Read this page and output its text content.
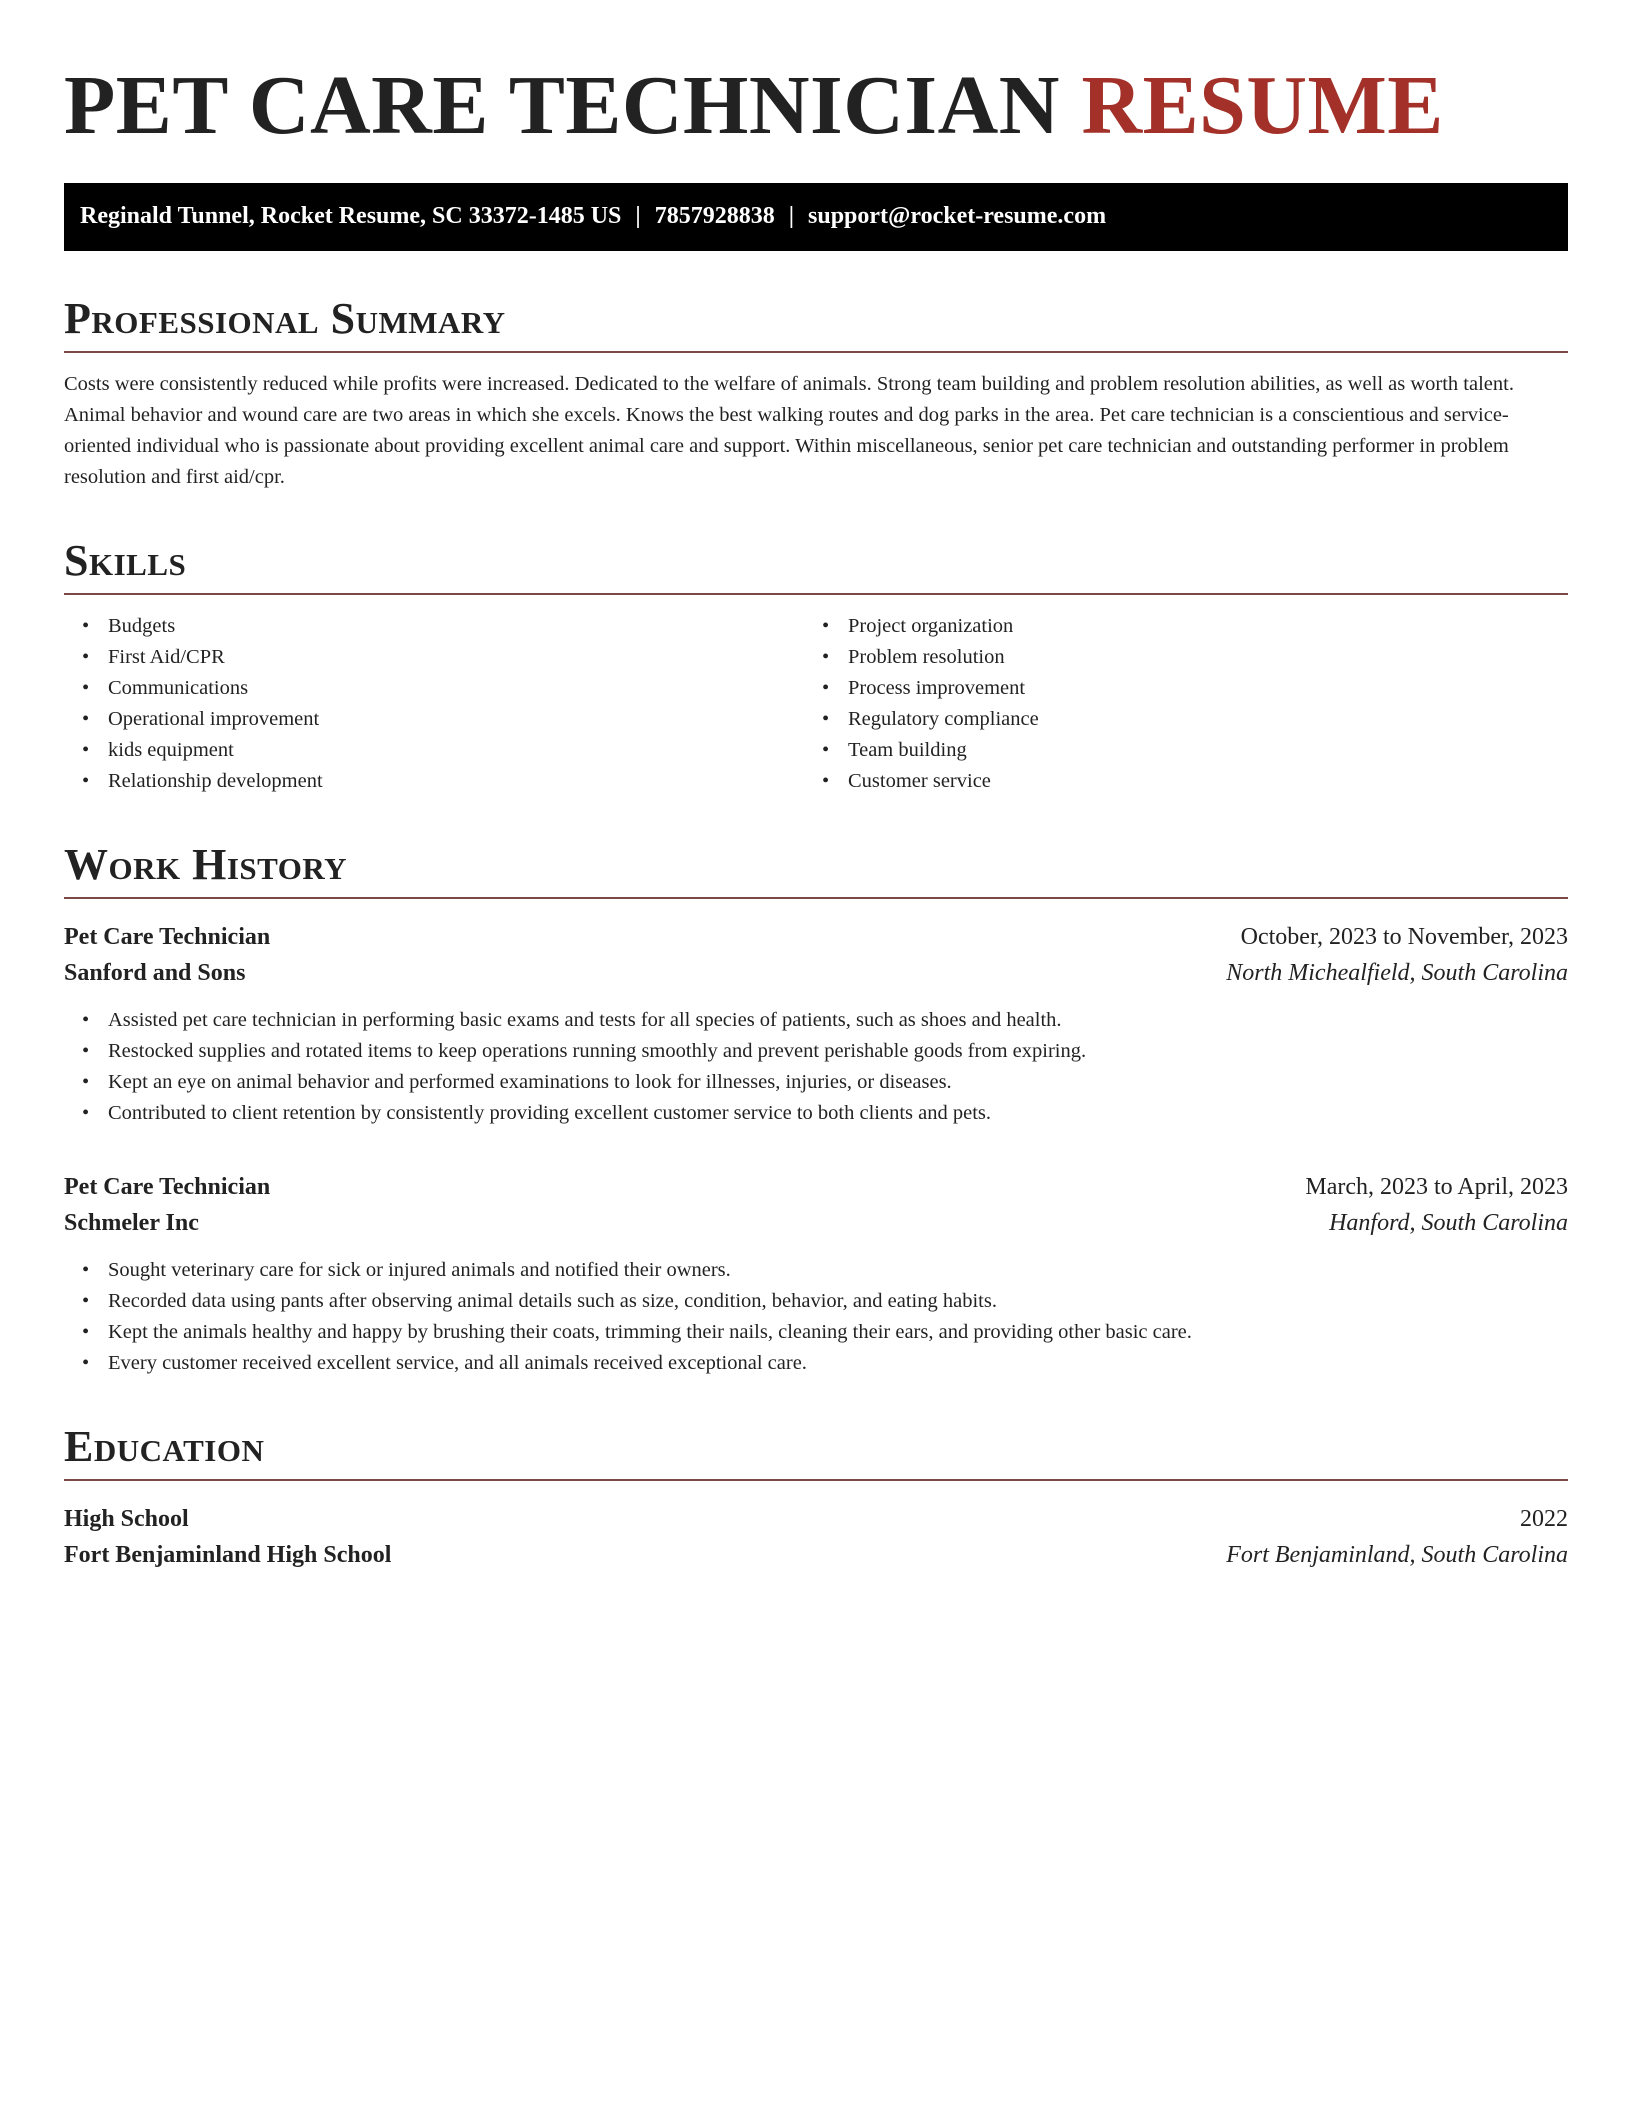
PET CARE TECHNICIAN RESUME
Reginald Tunnel, Rocket Resume, SC 33372-1485 US | 7857928838 | support@rocket-resume.com
Professional Summary

Costs were consistently reduced while profits were increased. Dedicated to the welfare of animals. Strong team building and problem resolution abilities, as well as worth talent. Animal behavior and wound care are two areas in which she excels. Knows the best walking routes and dog parks in the area. Pet care technician is a conscientious and service-oriented individual who is passionate about providing excellent animal care and support. Within miscellaneous, senior pet care technician and outstanding performer in problem resolution and first aid/cpr.

Skills
• Budgets
• First Aid/CPR
• Communications
• Operational improvement
• kids equipment
• Relationship development
• Project organization
• Problem resolution
• Process improvement
• Regulatory compliance
• Team building
• Customer service
Work History
Pet Care Technician	October, 2023 to November, 2023
Sanford and Sons	North Michealfield, South Carolina
• Assisted pet care technician in performing basic exams and tests for all species of patients, such as shoes and health.
• Restocked supplies and rotated items to keep operations running smoothly and prevent perishable goods from expiring.
• Kept an eye on animal behavior and performed examinations to look for illnesses, injuries, or diseases.
• Contributed to client retention by consistently providing excellent customer service to both clients and pets.
Pet Care Technician	March, 2023 to April, 2023
Schmeler Inc	Hanford, South Carolina
• Sought veterinary care for sick or injured animals and notified their owners.
• Recorded data using pants after observing animal details such as size, condition, behavior, and eating habits.
• Kept the animals healthy and happy by brushing their coats, trimming their nails, cleaning their ears, and providing other basic care.
• Every customer received excellent service, and all animals received exceptional care.
Education
High School	2022
Fort Benjaminland High School	Fort Benjaminland, South Carolina
